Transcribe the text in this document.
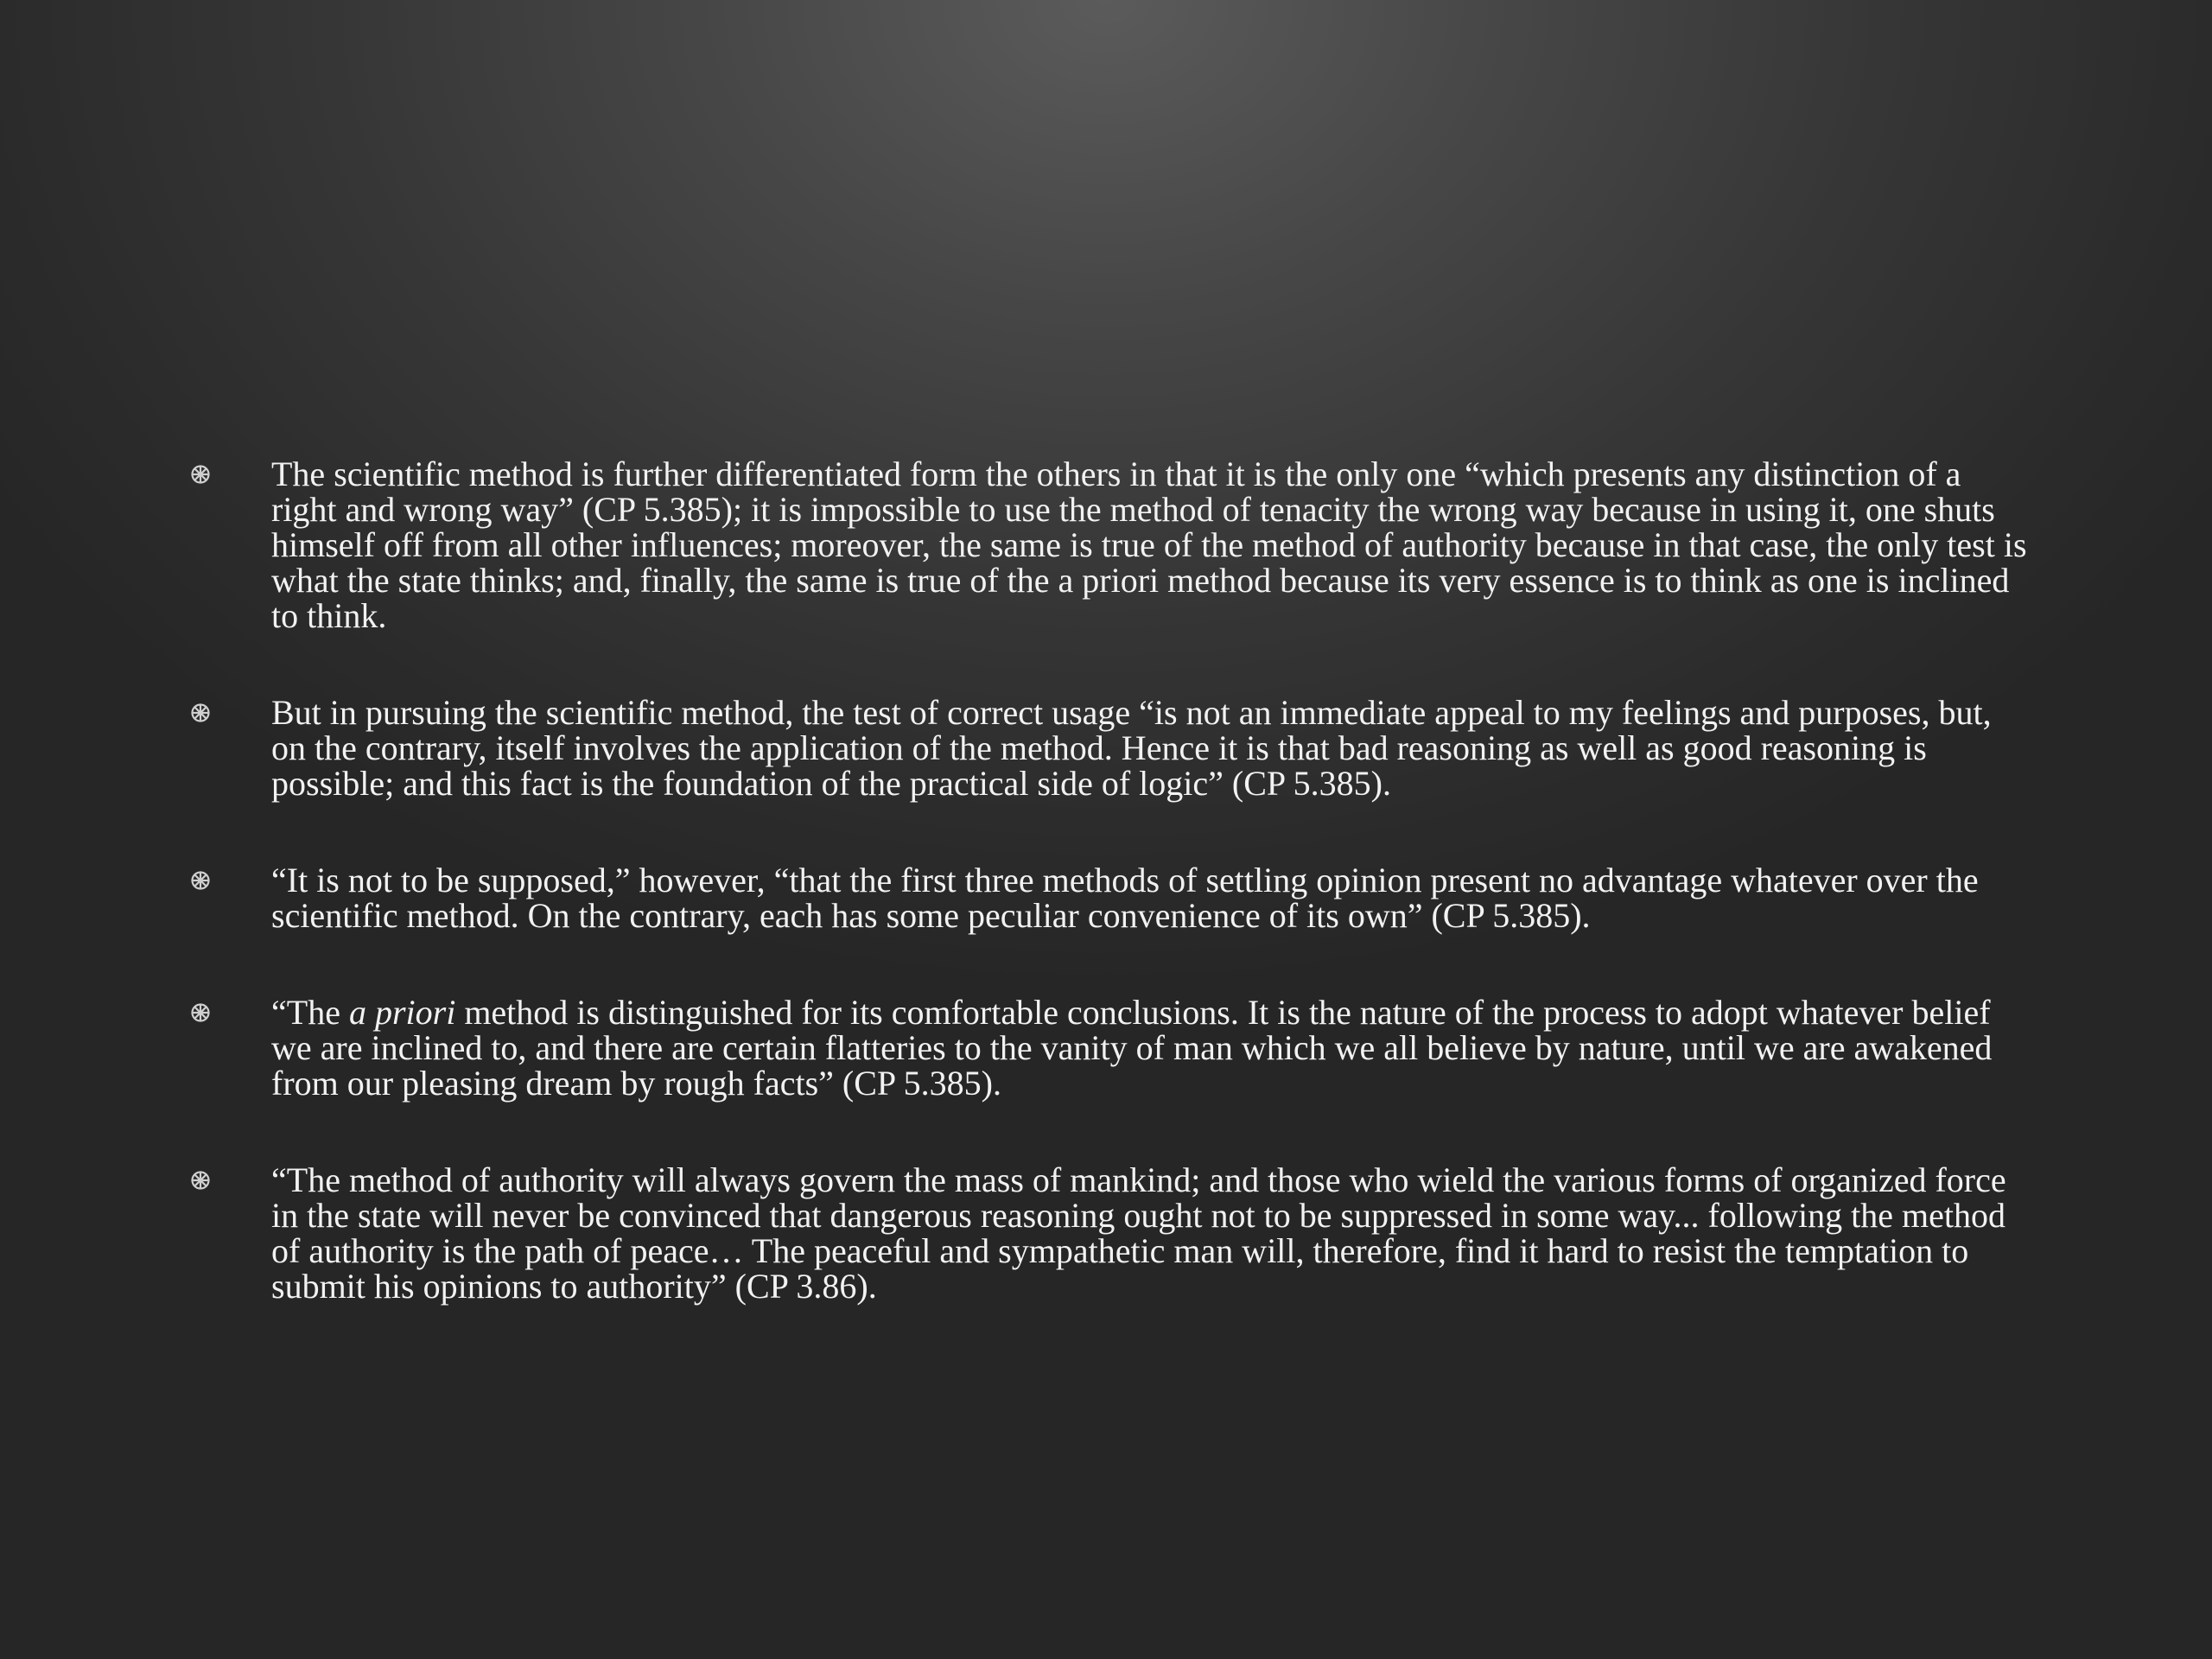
The scientific method is further differentiated form the others in that it is the only one “which presents any distinction of a right and wrong way” (CP 5.385); it is impossible to use the method of tenacity the wrong way because in using it, one shuts himself off from all other influences; moreover, the same is true of the method of authority because in that case, the only test is what the state thinks; and, finally, the same is true of the a priori method because its very essence is to think as one is inclined to think.
But in pursuing the scientific method, the test of correct usage “is not an immediate appeal to my feelings and purposes, but, on the contrary, itself involves the application of the method. Hence it is that bad reasoning as well as good reasoning is possible; and this fact is the foundation of the practical side of logic” (CP 5.385).
“It is not to be supposed,” however, “that the first three methods of settling opinion present no advantage whatever over the scientific method. On the contrary, each has some peculiar convenience of its own” (CP 5.385).
“The a priori method is distinguished for its comfortable conclusions. It is the nature of the process to adopt whatever belief we are inclined to, and there are certain flatteries to the vanity of man which we all believe by nature, until we are awakened from our pleasing dream by rough facts” (CP 5.385).
“The method of authority will always govern the mass of mankind; and those who wield the various forms of organized force in the state will never be convinced that dangerous reasoning ought not to be suppressed in some way... following the method of authority is the path of peace… The peaceful and sympathetic man will, therefore, find it hard to resist the temptation to submit his opinions to authority” (CP 3.86).
